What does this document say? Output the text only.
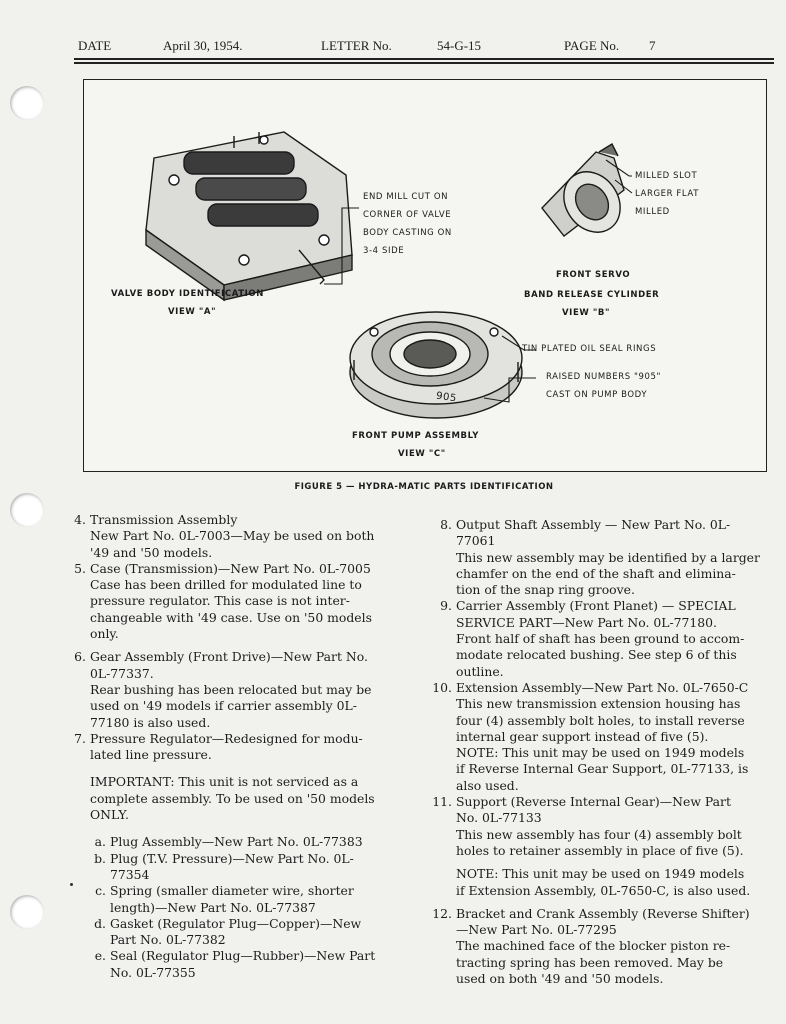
DATE	April 30, 1954.	LETTER No.	54-G-15	PAGE No. 7
END MILL CUT ON
CORNER OF VALVE
BODY CASTING ON
3-4 SIDE
VALVE BODY IDENTIFICATION
VIEW "A"
MILLED SLOT
LARGER FLAT
MILLED
FRONT SERVO
BAND RELEASE CYLINDER
VIEW "B"
TIN PLATED OIL SEAL RINGS
RAISED NUMBERS "905"
CAST ON PUMP BODY
905
FRONT PUMP ASSEMBLY
VIEW "C"
FIGURE 5 — HYDRA-MATIC PARTS IDENTIFICATION
4. Transmission Assembly
New Part No. 0L-7003—May be used on both
'49 and '50 models.
5. Case (Transmission)—New Part No. 0L-7005
Case has been drilled for modulated line to
pressure regulator. This case is not inter-
changeable with '49 case. Use on '50 models
only.
6. Gear Assembly (Front Drive)—New Part No.
0L-77337.
Rear bushing has been relocated but may be
used on '49 models if carrier assembly 0L-
77180 is also used.
7. Pressure Regulator—Redesigned for modu-
lated line pressure.
IMPORTANT: This unit is not serviced as a
complete assembly. To be used on '50 models
ONLY.
a. Plug Assembly—New Part No. 0L-77383
b. Plug (T.V. Pressure)—New Part No. 0L-
77354
c. Spring (smaller diameter wire, shorter
length)—New Part No. 0L-77387
d. Gasket (Regulator Plug—Copper)—New
Part No. 0L-77382
e. Seal (Regulator Plug—Rubber)—New Part
No. 0L-77355
8. Output Shaft Assembly — New Part No. 0L-
77061
This new assembly may be identified by a larger
chamfer on the end of the shaft and elimina-
tion of the snap ring groove.
9. Carrier Assembly (Front Planet) — SPECIAL
SERVICE PART—New Part No. 0L-77180.
Front half of shaft has been ground to accom-
modate relocated bushing. See step 6 of this
outline.
10. Extension Assembly—New Part No. 0L-7650-C
This new transmission extension housing has
four (4) assembly bolt holes, to install reverse
internal gear support instead of five (5).
NOTE: This unit may be used on 1949 models
if Reverse Internal Gear Support, 0L-77133, is
also used.
11. Support (Reverse Internal Gear)—New Part
No. 0L-77133
This new assembly has four (4) assembly bolt
holes to retainer assembly in place of five (5).
NOTE: This unit may be used on 1949 models
if Extension Assembly, 0L-7650-C, is also used.
12. Bracket and Crank Assembly (Reverse Shifter)
—New Part No. 0L-77295
The machined face of the blocker piston re-
tracting spring has been removed. May be
used on both '49 and '50 models.
